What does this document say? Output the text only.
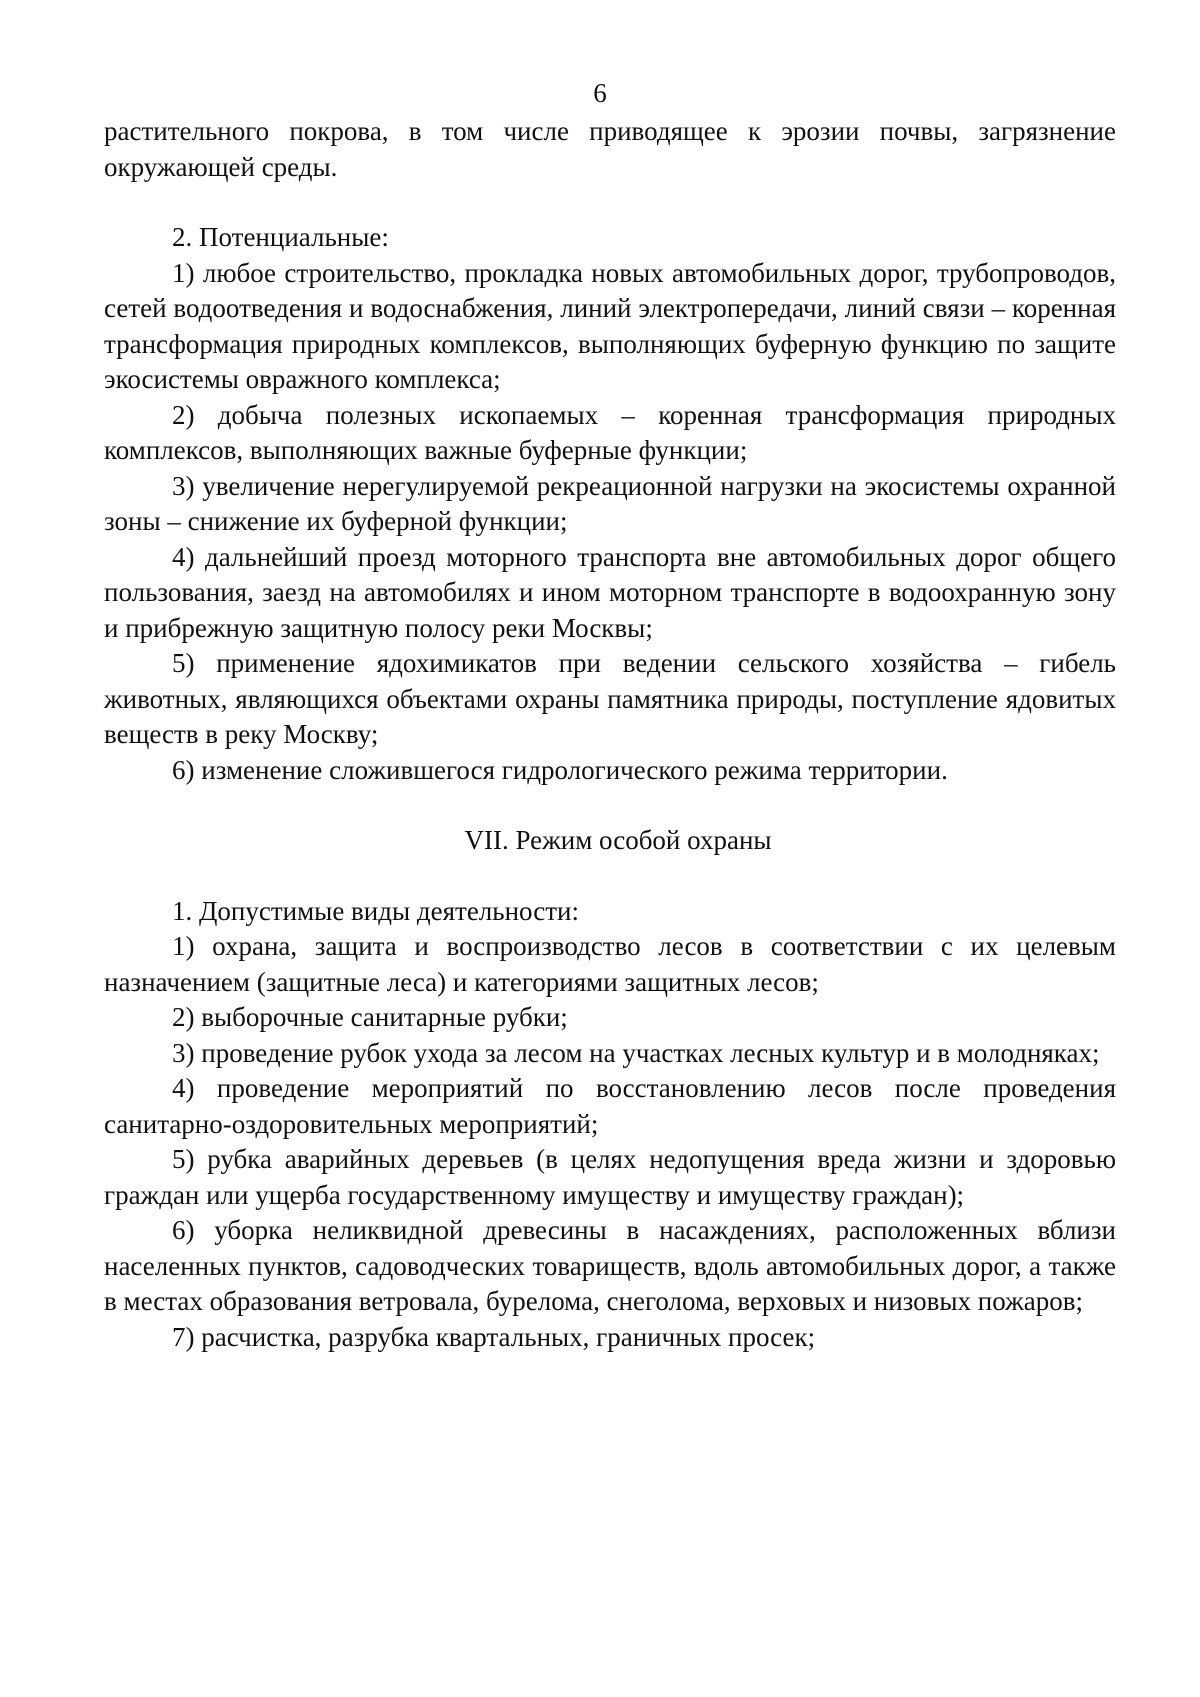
6

растительного покрова, в том числе приводящее к эрозии почвы, загрязнение окружающей среды.

2. Потенциальные:

1) любое строительство, прокладка новых автомобильных дорог, трубопроводов, сетей водоотведения и водоснабжения, линий электропередачи, линий связи – коренная трансформация природных комплексов, выполняющих буферную функцию по защите экосистемы овражного комплекса;

2) добыча полезных ископаемых – коренная трансформация природных комплексов, выполняющих важные буферные функции;

3) увеличение нерегулируемой рекреационной нагрузки на экосистемы охранной зоны – снижение их буферной функции;

4) дальнейший проезд моторного транспорта вне автомобильных дорог общего пользования, заезд на автомобилях и ином моторном транспорте в водоохранную зону и прибрежную защитную полосу реки Москвы;

5) применение ядохимикатов при ведении сельского хозяйства – гибель животных, являющихся объектами охраны памятника природы, поступление ядовитых веществ в реку Москву;

6) изменение сложившегося гидрологического режима территории.

VII. Режим особой охраны

1. Допустимые виды деятельности:

1) охрана, защита и воспроизводство лесов в соответствии с их целевым назначением (защитные леса) и категориями защитных лесов;

2) выборочные санитарные рубки;

3) проведение рубок ухода за лесом на участках лесных культур и в молодняках;

4) проведение мероприятий по восстановлению лесов после проведения санитарно-оздоровительных мероприятий;

5) рубка аварийных деревьев (в целях недопущения вреда жизни и здоровью граждан или ущерба государственному имуществу и имуществу граждан);

6) уборка неликвидной древесины в насаждениях, расположенных вблизи населенных пунктов, садоводческих товариществ, вдоль автомобильных дорог, а также в местах образования ветровала, бурелома, снеголома, верховых и низовых пожаров;

7) расчистка, разрубка квартальных, граничных просек;
